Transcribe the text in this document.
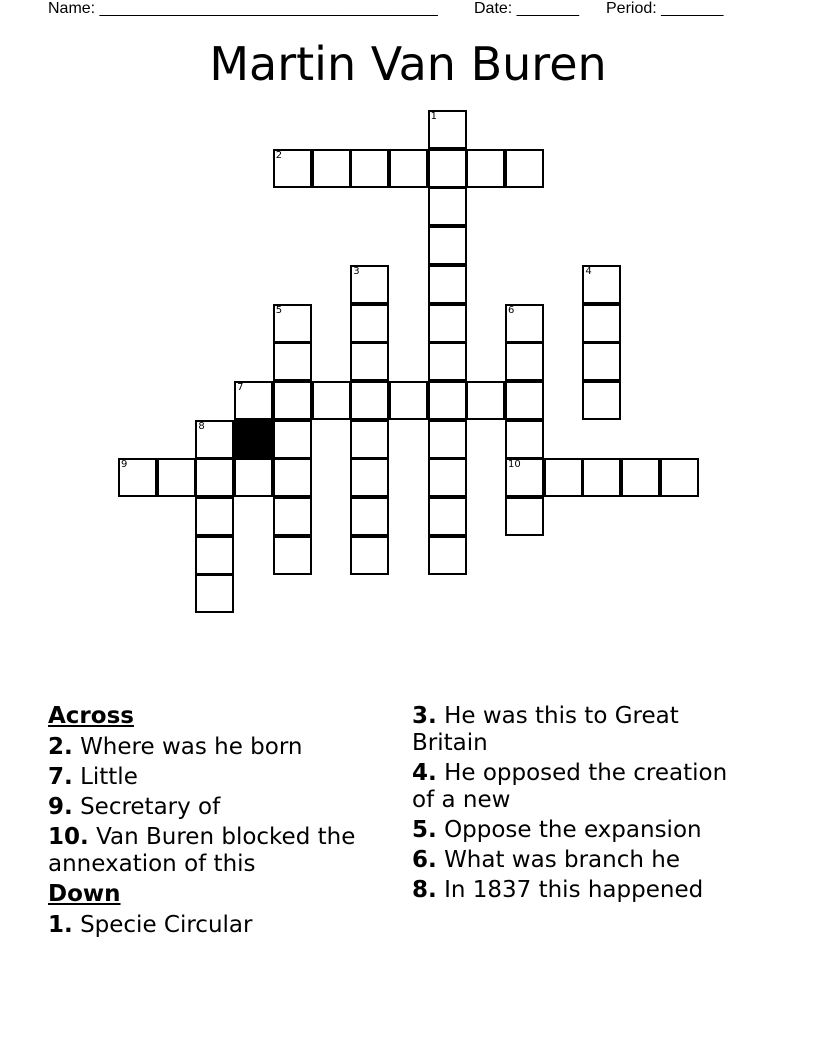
Name: ______________________________________ Date: _______ Period: _______
Martin Van Buren
1
2
3	4
5	6
7
8
9	10
Across
2. Where was he born
7. Little
9. Secretary of
10. Van Buren blocked the annexation of this
Down
1. Specie Circular
3. He was this to Great Britain
4. He opposed the creation of a new
5. Oppose the expansion
6. What was branch he
8. In 1837 this happened
